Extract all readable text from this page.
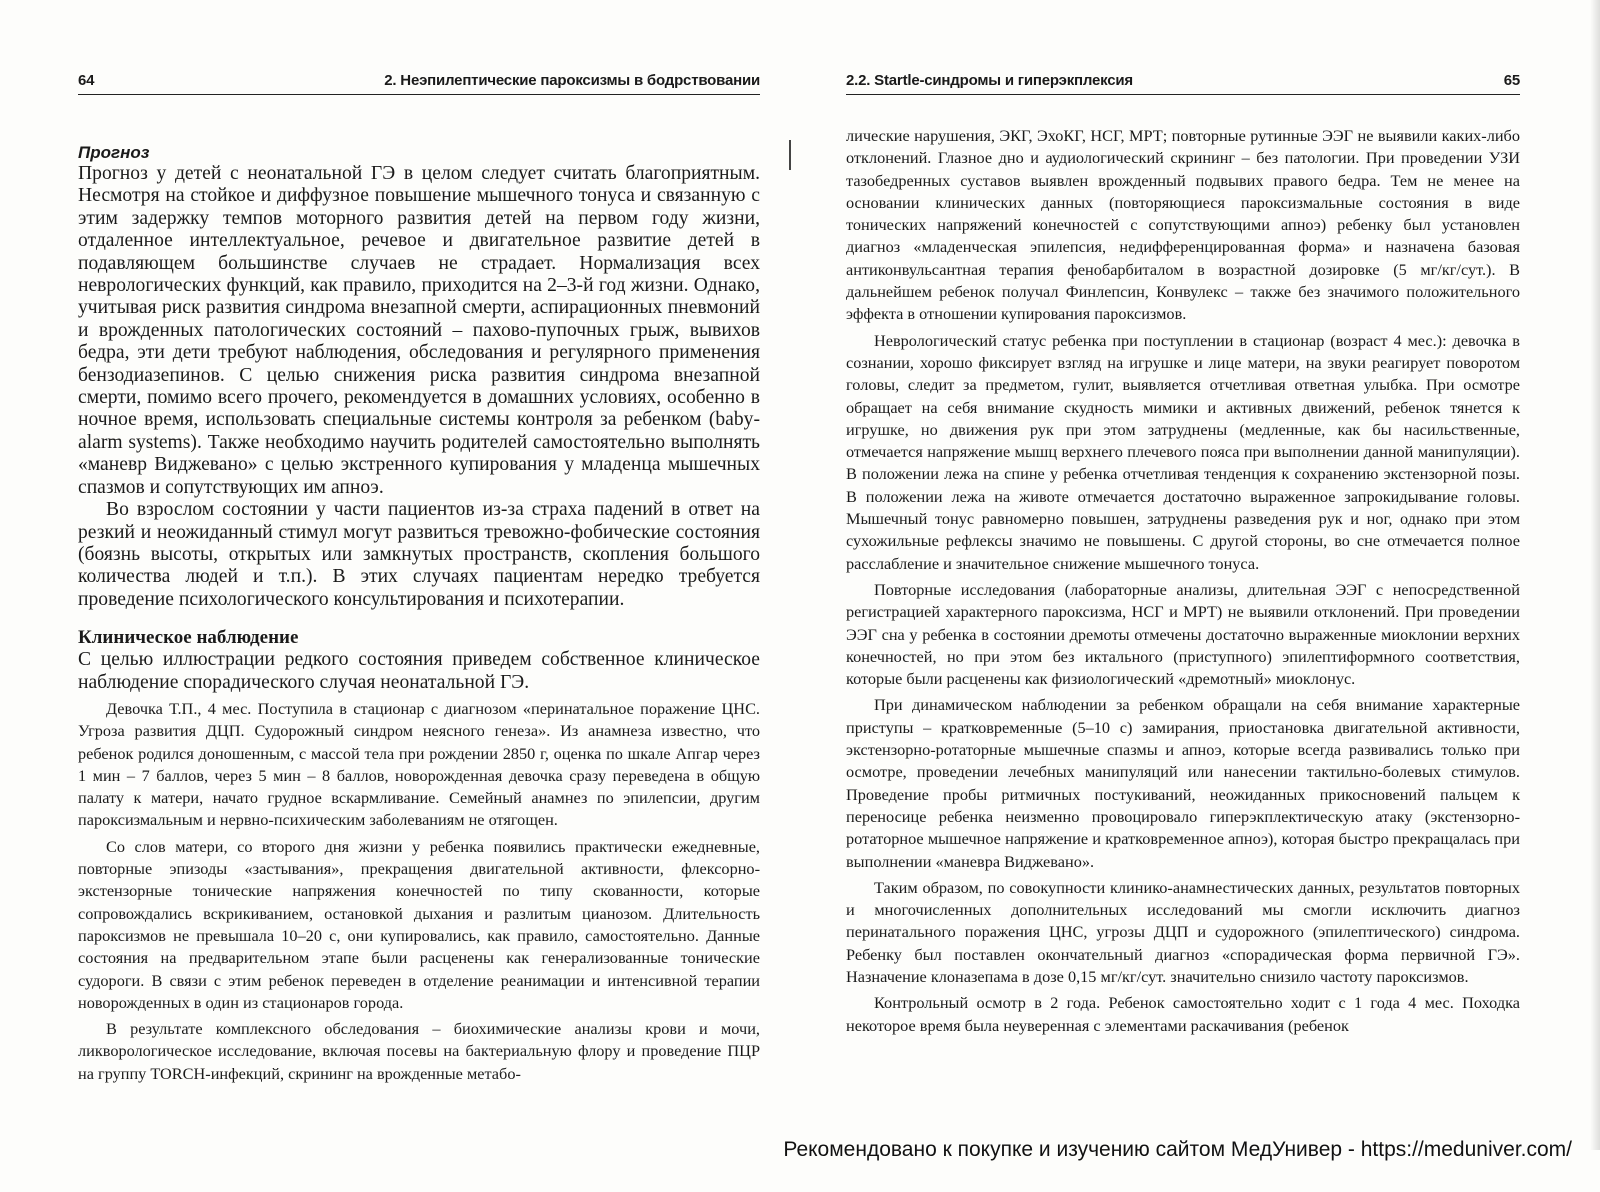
64	2. Неэпилептические пароксизмы в бодрствовании
Прогноз

Прогноз у детей с неонатальной ГЭ в целом следует считать благоприятным. Несмотря на стойкое и диффузное повышение мышечного тонуса и связанную с этим задержку темпов моторного развития детей на первом году жизни, отдаленное интеллектуальное, речевое и двигательное развитие детей в подавляющем большинстве случаев не страдает. Нормализация всех неврологических функций, как правило, приходится на 2–3-й год жизни. Однако, учитывая риск развития синдрома внезапной смерти, аспирационных пневмоний и врожденных патологических состояний – пахово-пупочных грыж, вывихов бедра, эти дети требуют наблюдения, обследования и регулярного применения бензодиазепинов. С целью снижения риска развития синдрома внезапной смерти, помимо всего прочего, рекомендуется в домашних условиях, особенно в ночное время, использовать специальные системы контроля за ребенком (baby-alarm systems). Также необходимо научить родителей самостоятельно выполнять «маневр Виджевано» с целью экстренного купирования у младенца мышечных спазмов и сопутствующих им апноэ.

Во взрослом состоянии у части пациентов из-за страха падений в ответ на резкий и неожиданный стимул могут развиться тревожно-фобические состояния (боязнь высоты, открытых или замкнутых пространств, скопления большого количества людей и т.п.). В этих случаях пациентам нередко требуется проведение психологического консультирования и психотерапии.

Клиническое наблюдение

С целью иллюстрации редкого состояния приведем собственное клиническое наблюдение спорадического случая неонатальной ГЭ.

Девочка Т.П., 4 мес. Поступила в стационар с диагнозом «перинатальное поражение ЦНС. Угроза развития ДЦП. Судорожный синдром неясного генеза». Из анамнеза известно, что ребенок родился доношенным, с массой тела при рождении 2850 г, оценка по шкале Апгар через 1 мин – 7 баллов, через 5 мин – 8 баллов, новорожденная девочка сразу переведена в общую палату к матери, начато грудное вскармливание. Семейный анамнез по эпилепсии, другим пароксизмальным и нервно-психическим заболеваниям не отягощен.

Со слов матери, со второго дня жизни у ребенка появились практически ежедневные, повторные эпизоды «застывания», прекращения двигательной активности, флексорно-экстензорные тонические напряжения конечностей по типу скованности, которые сопровождались вскрикиванием, остановкой дыхания и разлитым цианозом. Длительность пароксизмов не превышала 10–20 с, они купировались, как правило, самостоятельно. Данные состояния на предварительном этапе были расценены как генерализованные тонические судороги. В связи с этим ребенок переведен в отделение реанимации и интенсивной терапии новорожденных в один из стационаров города.

В результате комплексного обследования – биохимические анализы крови и мочи, ликворологическое исследование, включая посевы на бактериальную флору и проведение ПЦР на группу TORCH-инфекций, скрининг на врожденные метабо-

2.2. Startle-синдромы и гиперэкплексия	65

лические нарушения, ЭКГ, ЭхоКГ, НСГ, МРТ; повторные рутинные ЭЭГ не выявили каких-либо отклонений. Глазное дно и аудиологический скрининг – без патологии. При проведении УЗИ тазобедренных суставов выявлен врожденный подвывих правого бедра. Тем не менее на основании клинических данных (повторяющиеся пароксизмальные состояния в виде тонических напряжений конечностей с сопутствующими апноэ) ребенку был установлен диагноз «младенческая эпилепсия, недифференцированная форма» и назначена базовая антиконвульсантная терапия фенобарбиталом в возрастной дозировке (5 мг/кг/сут.). В дальнейшем ребенок получал Финлепсин, Конвулекс – также без значимого положительного эффекта в отношении купирования пароксизмов.

Неврологический статус ребенка при поступлении в стационар (возраст 4 мес.): девочка в сознании, хорошо фиксирует взгляд на игрушке и лице матери, на звуки реагирует поворотом головы, следит за предметом, гулит, выявляется отчетливая ответная улыбка. При осмотре обращает на себя внимание скудность мимики и активных движений, ребенок тянется к игрушке, но движения рук при этом затруднены (медленные, как бы насильственные, отмечается напряжение мышц верхнего плечевого пояса при выполнении данной манипуляции). В положении лежа на спине у ребенка отчетливая тенденция к сохранению экстензорной позы. В положении лежа на животе отмечается достаточно выраженное запрокидывание головы. Мышечный тонус равномерно повышен, затруднены разведения рук и ног, однако при этом сухожильные рефлексы значимо не повышены. С другой стороны, во сне отмечается полное расслабление и значительное снижение мышечного тонуса.

Повторные исследования (лабораторные анализы, длительная ЭЭГ с непосредственной регистрацией характерного пароксизма, НСГ и МРТ) не выявили отклонений. При проведении ЭЭГ сна у ребенка в состоянии дремоты отмечены достаточно выраженные миоклонии верхних конечностей, но при этом без иктального (приступного) эпилептиформного соответствия, которые были расценены как физиологический «дремотный» миоклонус.

При динамическом наблюдении за ребенком обращали на себя внимание характерные приступы – кратковременные (5–10 с) замирания, приостановка двигательной активности, экстензорно-ротаторные мышечные спазмы и апноэ, которые всегда развивались только при осмотре, проведении лечебных манипуляций или нанесении тактильно-болевых стимулов. Проведение пробы ритмичных постукиваний, неожиданных прикосновений пальцем к переносице ребенка неизменно провоцировало гиперэкплектическую атаку (экстензорно-ротаторное мышечное напряжение и кратковременное апноэ), которая быстро прекращалась при выполнении «маневра Виджевано».

Таким образом, по совокупности клинико-анамнестических данных, результатов повторных и многочисленных дополнительных исследований мы смогли исключить диагноз перинатального поражения ЦНС, угрозы ДЦП и судорожного (эпилептического) синдрома. Ребенку был поставлен окончательный диагноз «спорадическая форма первичной ГЭ». Назначение клоназепама в дозе 0,15 мг/кг/сут. значительно снизило частоту пароксизмов.

Контрольный осмотр в 2 года. Ребенок самостоятельно ходит с 1 года 4 мес. Походка некоторое время была неуверенная с элементами раскачивания (ребенок

Рекомендовано к покупке и изучению сайтом МедУнивер - https://meduniver.com/
